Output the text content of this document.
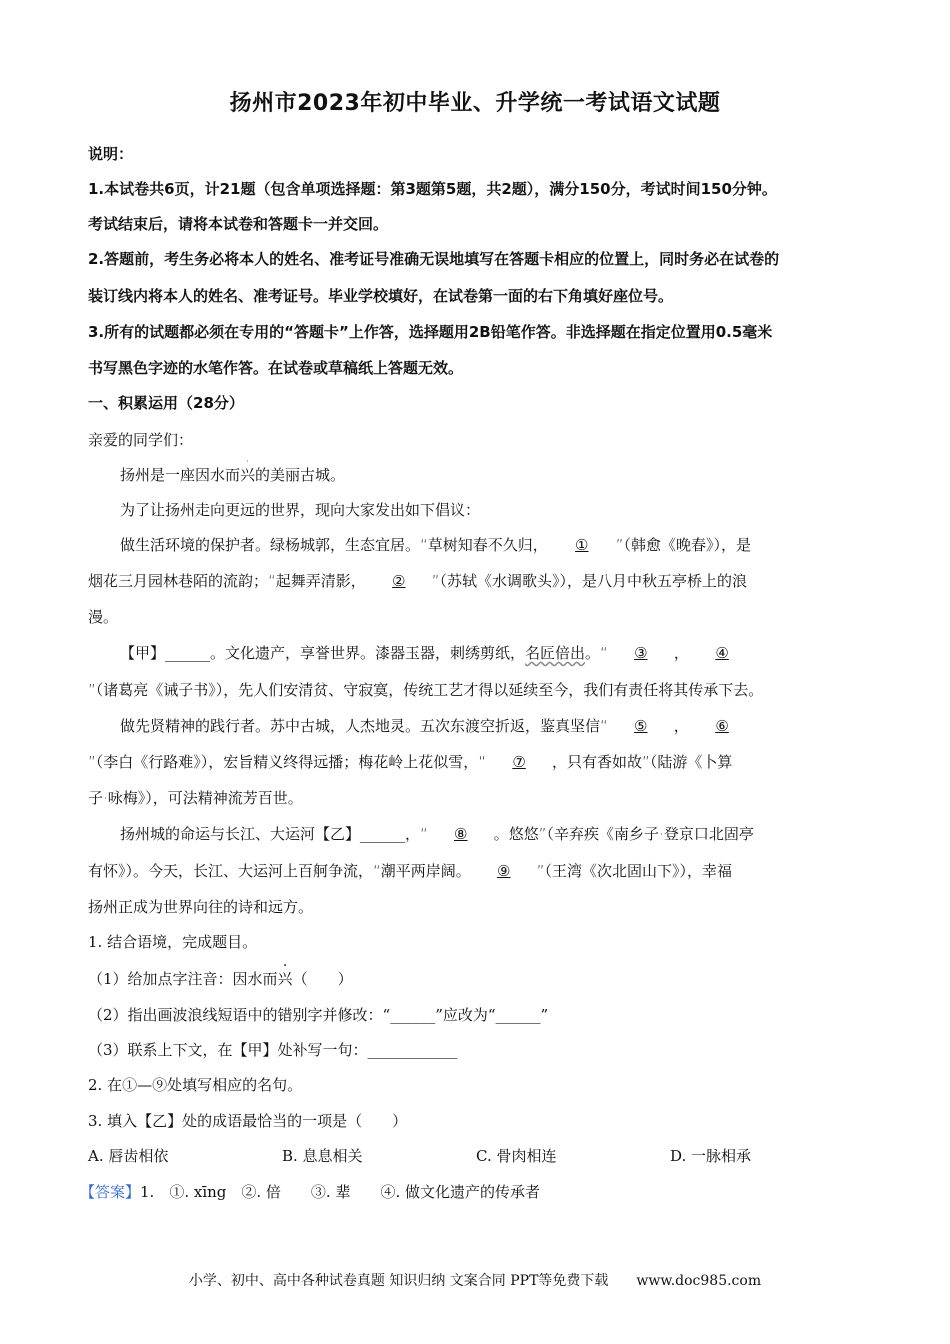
扬州市2023年初中毕业、升学统一考试语文试题
说明：
1.本试卷共6页，计21题（包含单项选择题：第3题第5题，共2题），满分150分，考试时间150分钟。
考试结束后，请将本试卷和答题卡一并交回。
2.答题前，考生务必将本人的姓名、准考证号准确无误地填写在答题卡相应的位置上，同时务必在试卷的
装订线内将本人的姓名、准考证号。毕业学校填好，在试卷第一面的右下角填好座位号。
3.所有的试题都必须在专用的“答题卡”上作答，选择题用2B铅笔作答。非选择题在指定位置用0.5毫米
书写黑色字迹的水笔作答。在试卷或草稿纸上答题无效。
一、积累运用（28分）
亲爱的同学们：
扬州是一座因水而兴的美丽古城。
为了让扬州走向更远的世界，现向大家发出如下倡议：
做生活环境的保护者。绿杨城郭，生态宜居。“草树知春不久归， ① ”（韩愈《晚春》），是
烟花三月园林巷陌的流韵；“起舞弄清影， ② ”（苏轼《水调歌头》），是八月中秋五亭桥上的浪
漫。
【甲】______。文化遗产，享誉世界。漆器玉器，刺绣剪纸，名匠倍出。“ ③ ， ④
”（诸葛亮《诫子书》），先人们安清贫、守寂寞，传统工艺才得以延续至今，我们有责任将其传承下去。
做先贤精神的践行者。苏中古城，人杰地灵。五次东渡空折返，鉴真坚信“ ⑤ ， ⑥
”（李白《行路难》），宏旨精义终得远播；梅花岭上花似雪，“ ⑦ ，只有香如故”（陆游《卜算
子·咏梅》），可法精神流芳百世。
扬州城的命运与长江、大运河【乙】______，“ ⑧ 。悠悠”（辛弃疾《南乡子·登京口北固亭
有怀》）。今天，长江、大运河上百舸争流，“潮平两岸阔。 ⑨ ”（王湾《次北固山下》），幸福
扬州正成为世界向往的诗和远方。
1. 结合语境，完成题目。
（1）给加点字注音：因水而兴（　　）
（2）指出画波浪线短语中的错别字并修改：“______”应改为“______”
（3）联系上下文，在【甲】处补写一句：____________
2. 在①—⑨处填写相应的名句。
3. 填入【乙】处的成语最恰当的一项是（　　）
A. 唇齿相依	B. 息息相关	C. 骨肉相连	D. 一脉相承
【答案】1.　①. xīng　②. 倍　　③. 辈　　④. 做文化遗产的传承者
小学、初中、高中各种试卷真题 知识归纳 文案合同 PPT等免费下载　　www.doc985.com
